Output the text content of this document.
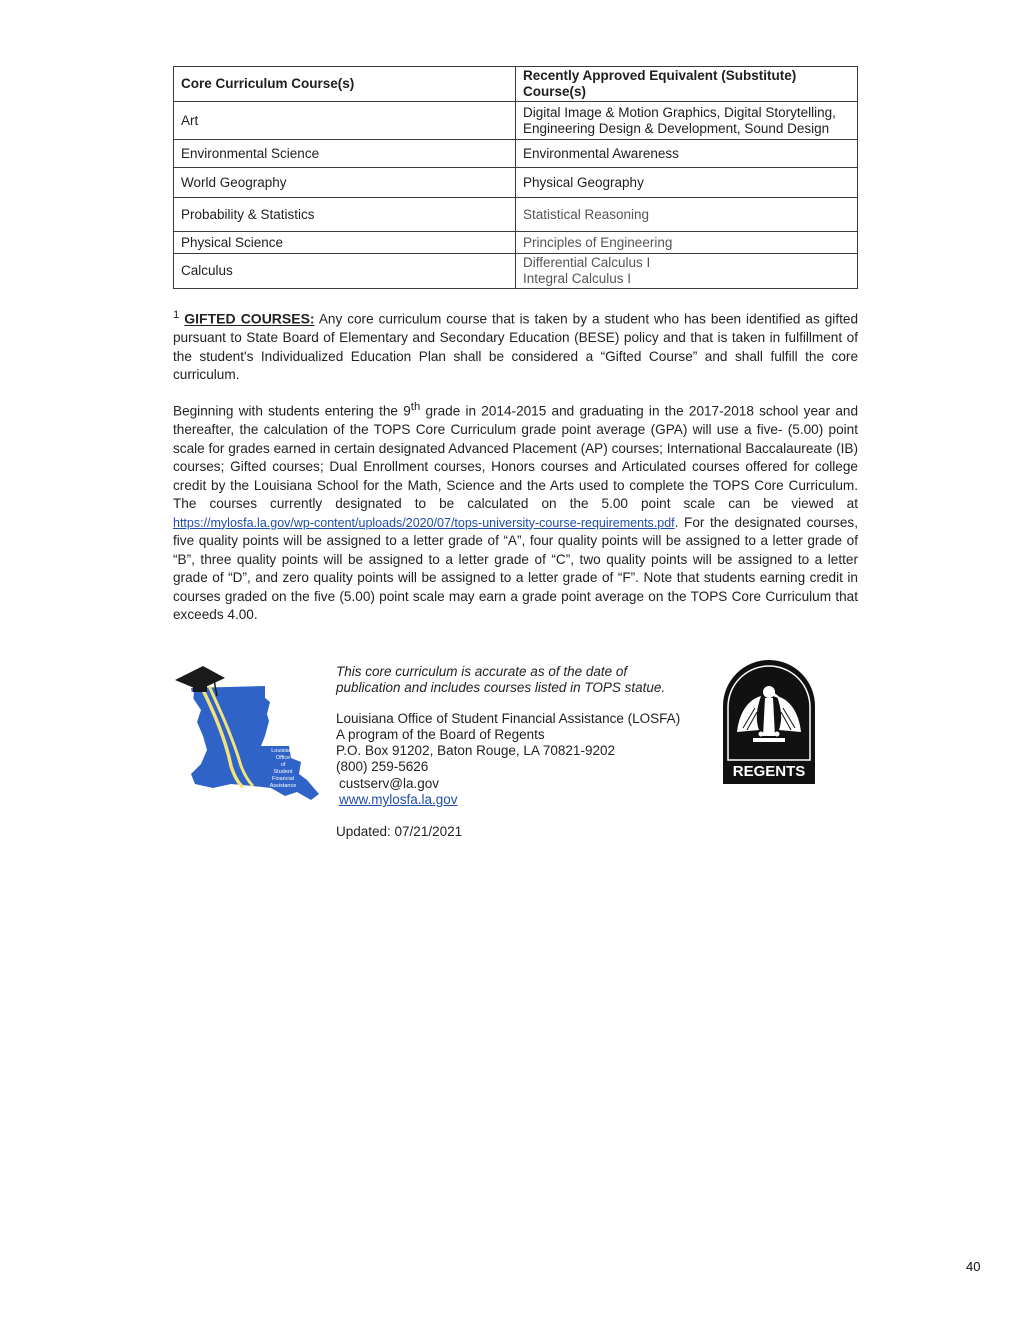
Core Curriculum Course(s)	Recently Approved Equivalent (Substitute) Course(s)
Art	Digital Image & Motion Graphics, Digital Storytelling,
Engineering Design & Development, Sound Design

Environmental Science	Environmental Awareness
World Geography	Physical Geography
Probability & Statistics	Statistical Reasoning
Physical Science	Principles of Engineering
Calculus	Differential Calculus I
Integral Calculus I

$^1$ GIFTED COURSES: Any core curriculum course that is taken by a student who has been identified as gifted pursuant to State Board of Elementary and Secondary Education (BESE) policy and that is taken in fulfillment of the student's Individualized Education Plan shall be considered a “Gifted Course” and shall fulfill the core curriculum.

Beginning with students entering the 9th grade in 2014-2015 and graduating in the 2017-2018 school year and thereafter, the calculation of the TOPS Core Curriculum grade point average (GPA) will use a five- (5.00) point scale for grades earned in certain designated Advanced Placement (AP) courses; International Baccalaureate (IB) courses; Gifted courses; Dual Enrollment courses, Honors courses and Articulated courses offered for college credit by the Louisiana School for the Math, Science and the Arts used to complete the TOPS Core Curriculum. The courses currently designated to be calculated on the 5.00 point scale can be viewed at https://mylosfa.la.gov/wp-content/uploads/2020/07/tops-university-course-requirements.pdf. For the designated courses, five quality points will be assigned to a letter grade of “A”, four quality points will be assigned to a letter grade of “B”, three quality points will be assigned to a letter grade of “C”, two quality points will be assigned to a letter grade of “D”, and zero quality points will be assigned to a letter grade of “F”. Note that students earning credit in courses graded on the five (5.00) point scale may earn a grade point average on the TOPS Core Curriculum that exceeds 4.00.

Louisiana
Office
of
Student
Financial
Assistance
This core curriculum is accurate as of the date of
publication and includes courses listed in TOPS statue.
Louisiana Office of Student Financial Assistance (LOSFA)
A program of the Board of Regents
P.O. Box 91202, Baton Rouge, LA 70821-9202
(800) 259-5626
custserv@la.gov
www.mylosfa.la.gov
Updated: 07/21/2021
REGENTS
40
